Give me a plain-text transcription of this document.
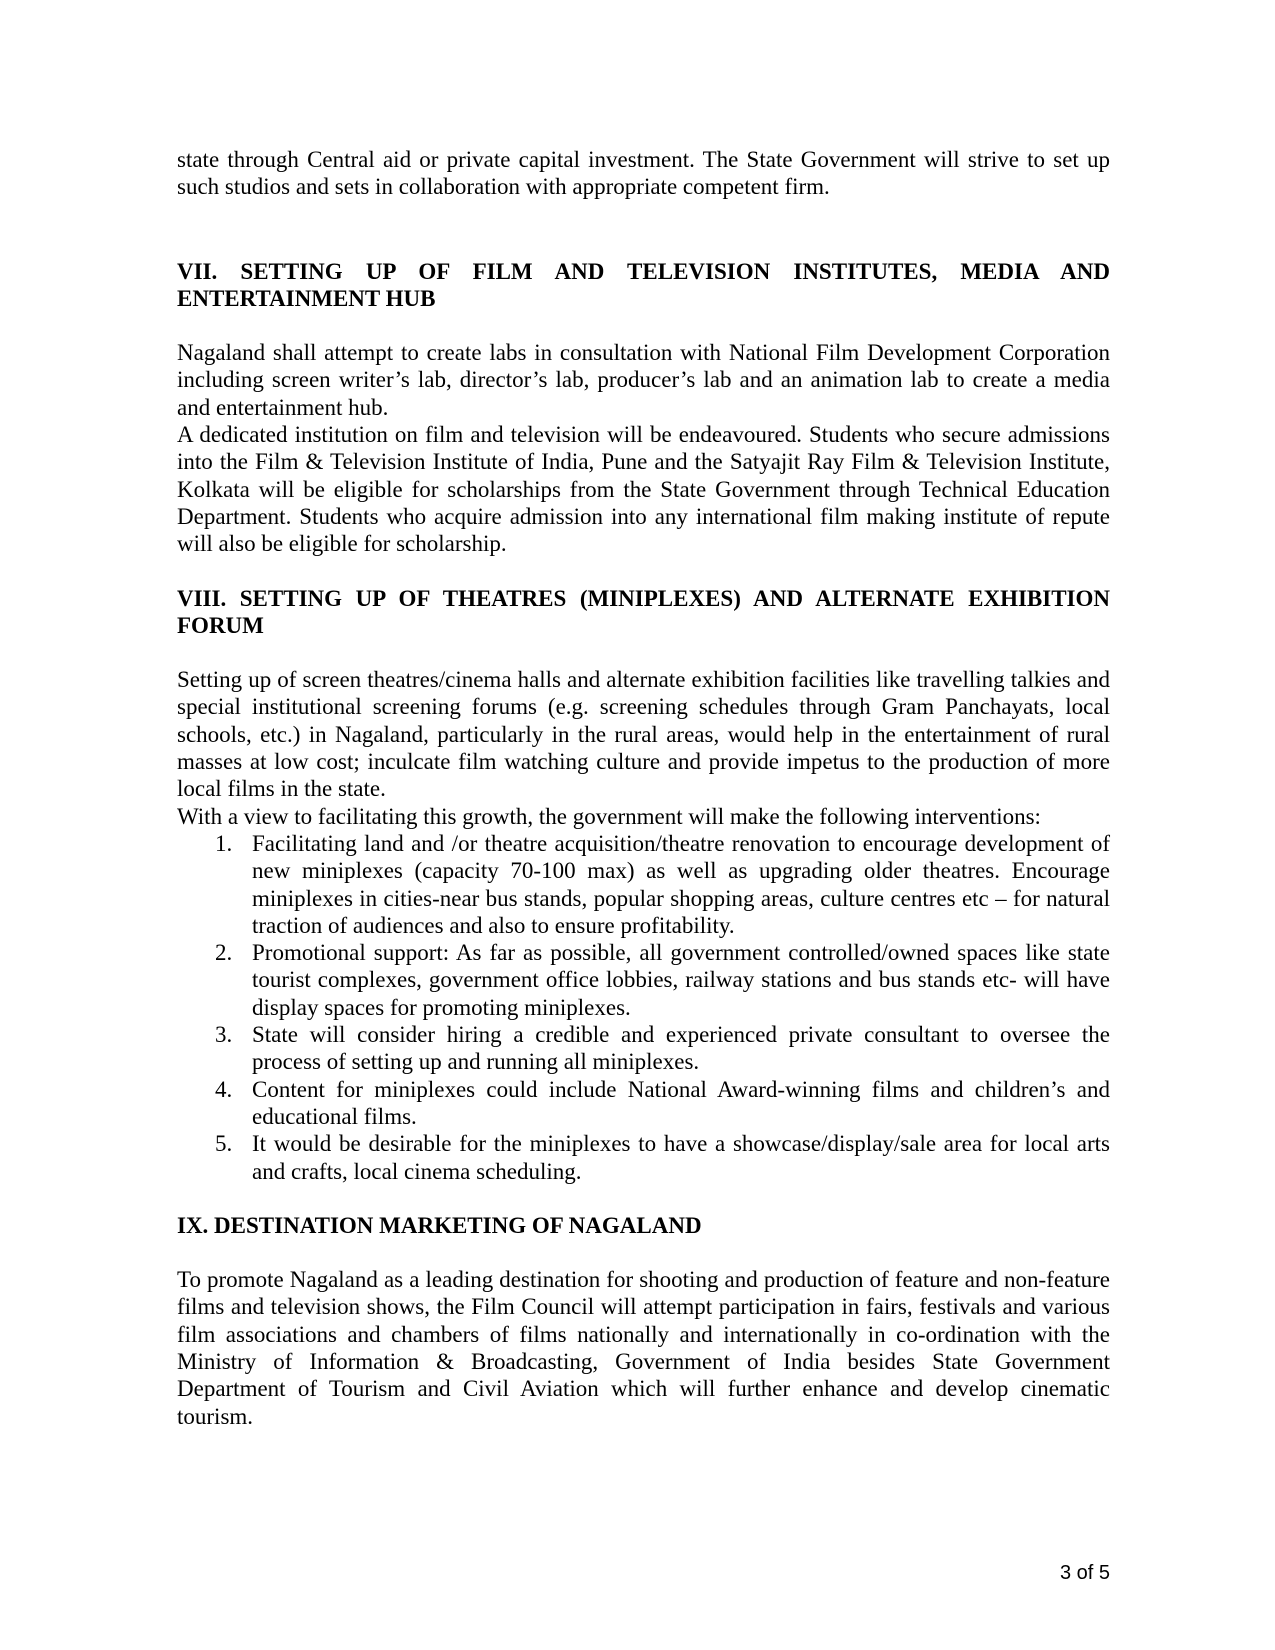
state through Central aid or private capital investment. The State Government will strive to set up such studios and sets in collaboration with appropriate competent firm.

VII. SETTING UP OF FILM AND TELEVISION INSTITUTES, MEDIA AND ENTERTAINMENT HUB

Nagaland shall attempt to create labs in consultation with National Film Development Corporation including screen writer’s lab, director’s lab, producer’s lab and an animation lab to create a media and entertainment hub.

A dedicated institution on film and television will be endeavoured. Students who secure admissions into the Film & Television Institute of India, Pune and the Satyajit Ray Film & Television Institute, Kolkata will be eligible for scholarships from the State Government through Technical Education Department. Students who acquire admission into any international film making institute of repute will also be eligible for scholarship.

VIII. SETTING UP OF THEATRES (MINIPLEXES) AND ALTERNATE EXHIBITION FORUM

Setting up of screen theatres/cinema halls and alternate exhibition facilities like travelling talkies and special institutional screening forums (e.g. screening schedules through Gram Panchayats, local schools, etc.) in Nagaland, particularly in the rural areas, would help in the entertainment of rural masses at low cost; inculcate film watching culture and provide impetus to the production of more local films in the state.

With a view to facilitating this growth, the government will make the following interventions:

1. Facilitating land and /or theatre acquisition/theatre renovation to encourage development of new miniplexes (capacity 70-100 max) as well as upgrading older theatres. Encourage miniplexes in cities-near bus stands, popular shopping areas, culture centres etc – for natural traction of audiences and also to ensure profitability.
2. Promotional support: As far as possible, all government controlled/owned spaces like state tourist complexes, government office lobbies, railway stations and bus stands etc- will have display spaces for promoting miniplexes.
3. State will consider hiring a credible and experienced private consultant to oversee the process of setting up and running all miniplexes.
4. Content for miniplexes could include National Award-winning films and children’s and educational films.
5. It would be desirable for the miniplexes to have a showcase/display/sale area for local arts and crafts, local cinema scheduling.
IX. DESTINATION MARKETING OF NAGALAND

To promote Nagaland as a leading destination for shooting and production of feature and non-feature films and television shows, the Film Council will attempt participation in fairs, festivals and various film associations and chambers of films nationally and internationally in co-ordination with the Ministry of Information & Broadcasting, Government of India besides State Government Department of Tourism and Civil Aviation which will further enhance and develop cinematic tourism.

3 of 5
